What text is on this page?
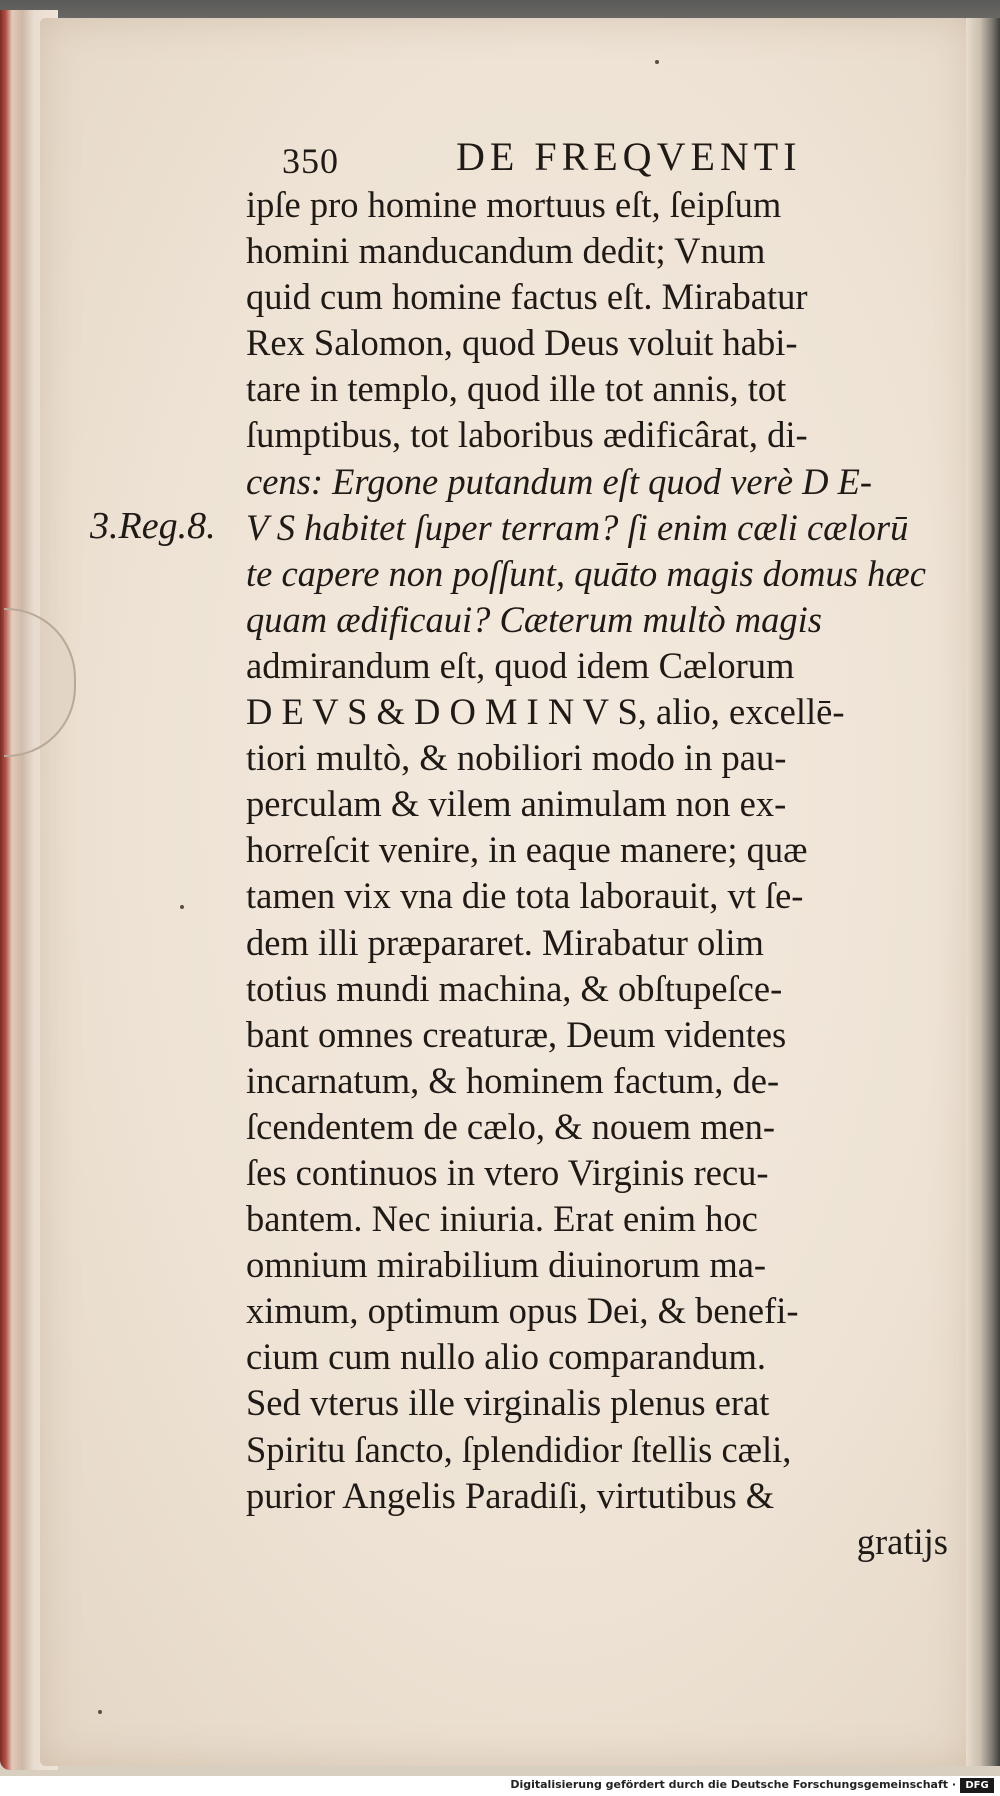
3.Reg.8.
350	DE FREQVENTI
ipſe pro homine mortuus eſt, ſeipſum
homini manducandum dedit; Vnum
quid cum homine factus eſt. Mirabatur
Rex Salomon, quod Deus voluit habi-
tare in templo, quod ille tot annis, tot
ſumptibus, tot laboribus ædificârat, di-
cens: Ergone putandum eſt quod verè D E-
V S habitet ſuper terram? ſi enim cæli cælorū
te capere non poſſunt, quāto magis domus hæc
quam ædificaui? Cæterum multò magis
admirandum eſt, quod idem Cælorum
D E V S & D O M I N V S, alio, excellē-
tiori multò, & nobiliori modo in pau-
perculam & vilem animulam non ex-
horreſcit venire, in eaque manere; quæ
tamen vix vna die tota laborauit, vt ſe-
dem illi præpararet. Mirabatur olim
totius mundi machina, & obſtupeſce-
bant omnes creaturæ, Deum videntes
incarnatum, & hominem factum, de-
ſcendentem de cælo, & nouem men-
ſes continuos in vtero Virginis recu-
bantem. Nec iniuria. Erat enim hoc
omnium mirabilium diuinorum ma-
ximum, optimum opus Dei, & benefi-
cium cum nullo alio comparandum.
Sed vterus ille virginalis plenus erat
Spiritu ſancto, ſplendidior ſtellis cæli,
purior Angelis Paradiſi, virtutibus &
gratijs
Digitalisierung gefördert durch die Deutsche Forschungsgemeinschaft · DFG
